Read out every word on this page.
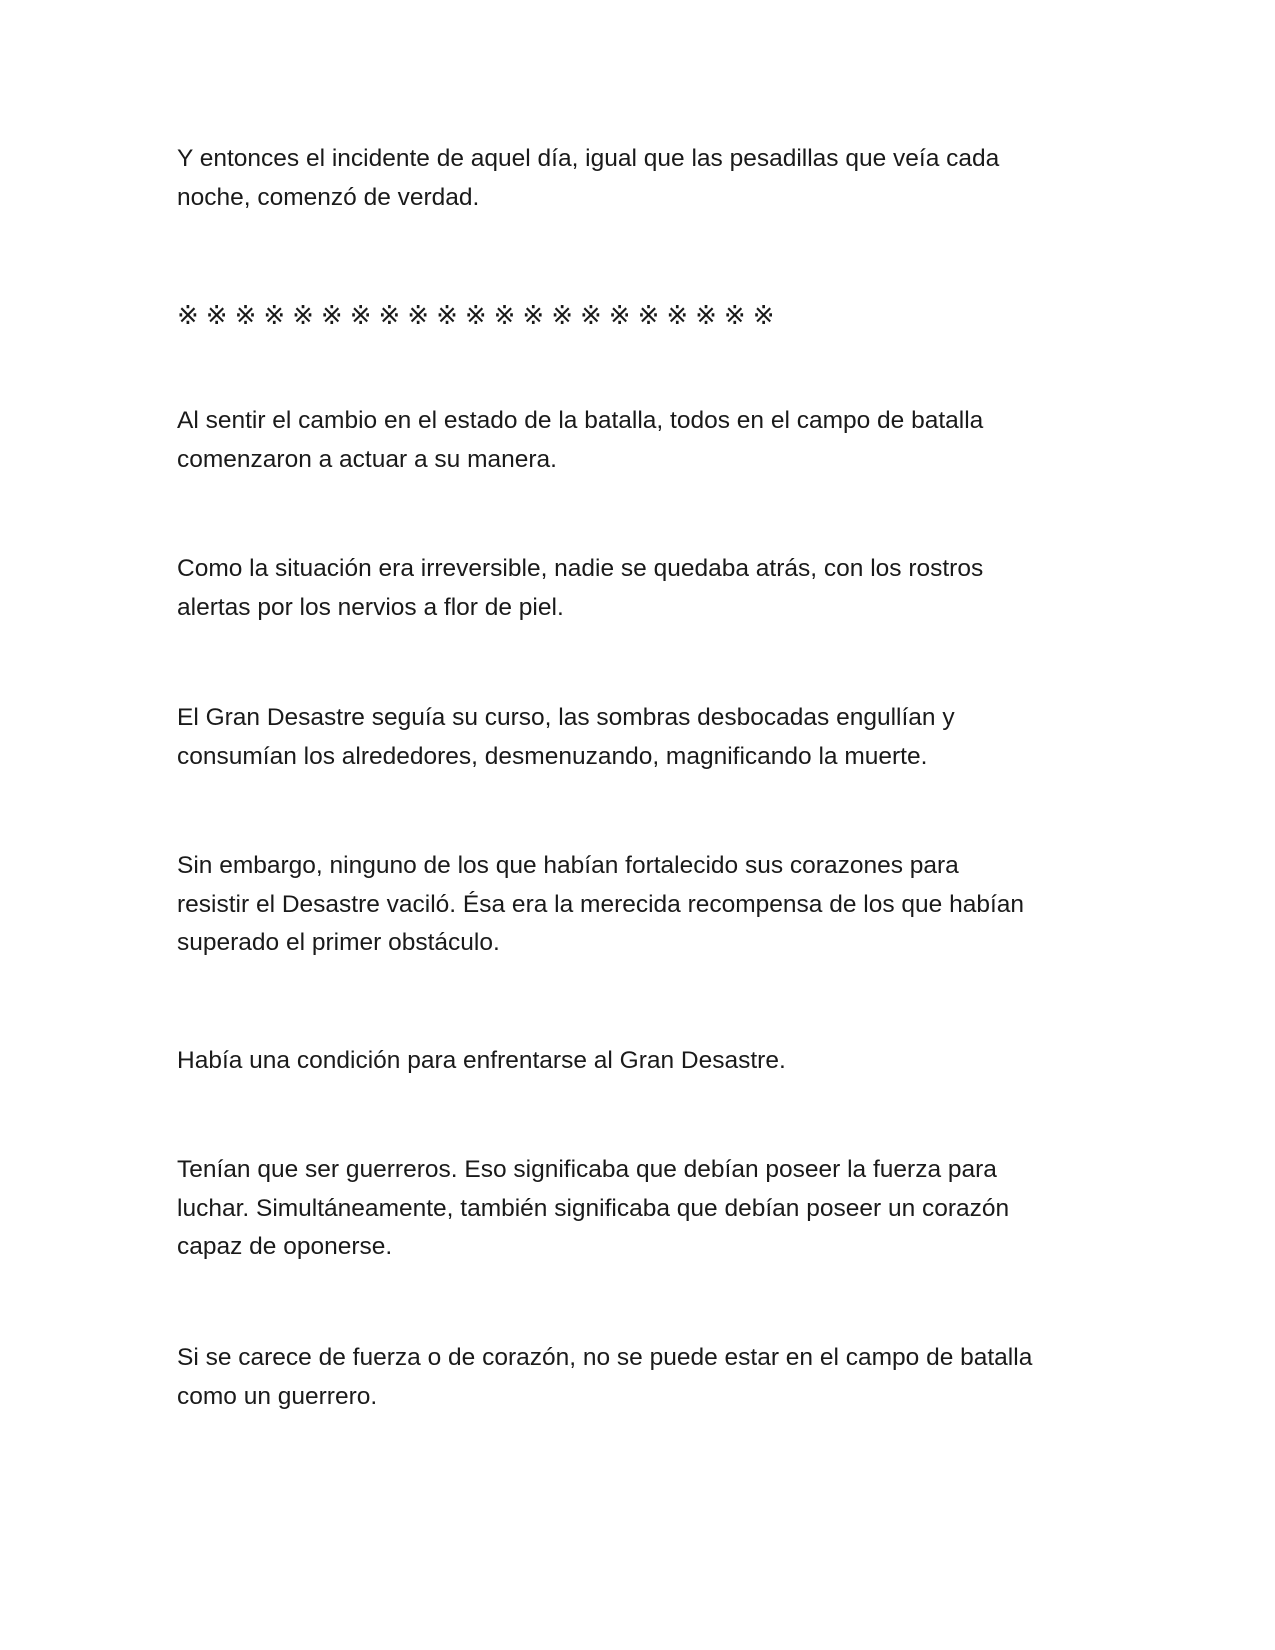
Y entonces el incidente de aquel día, igual que las pesadillas que veía cada
noche, comenzó de verdad.

※※※※※※※※※※※※※※※※※※※※※

Al sentir el cambio en el estado de la batalla, todos en el campo de batalla
comenzaron a actuar a su manera.

Como la situación era irreversible, nadie se quedaba atrás, con los rostros
alertas por los nervios a flor de piel.

El Gran Desastre seguía su curso, las sombras desbocadas engullían y
consumían los alrededores, desmenuzando, magnificando la muerte.

Sin embargo, ninguno de los que habían fortalecido sus corazones para
resistir el Desastre vaciló. Ésa era la merecida recompensa de los que habían
superado el primer obstáculo.

Había una condición para enfrentarse al Gran Desastre.

Tenían que ser guerreros. Eso significaba que debían poseer la fuerza para
luchar. Simultáneamente, también significaba que debían poseer un corazón
capaz de oponerse.

Si se carece de fuerza o de corazón, no se puede estar en el campo de batalla
como un guerrero.
